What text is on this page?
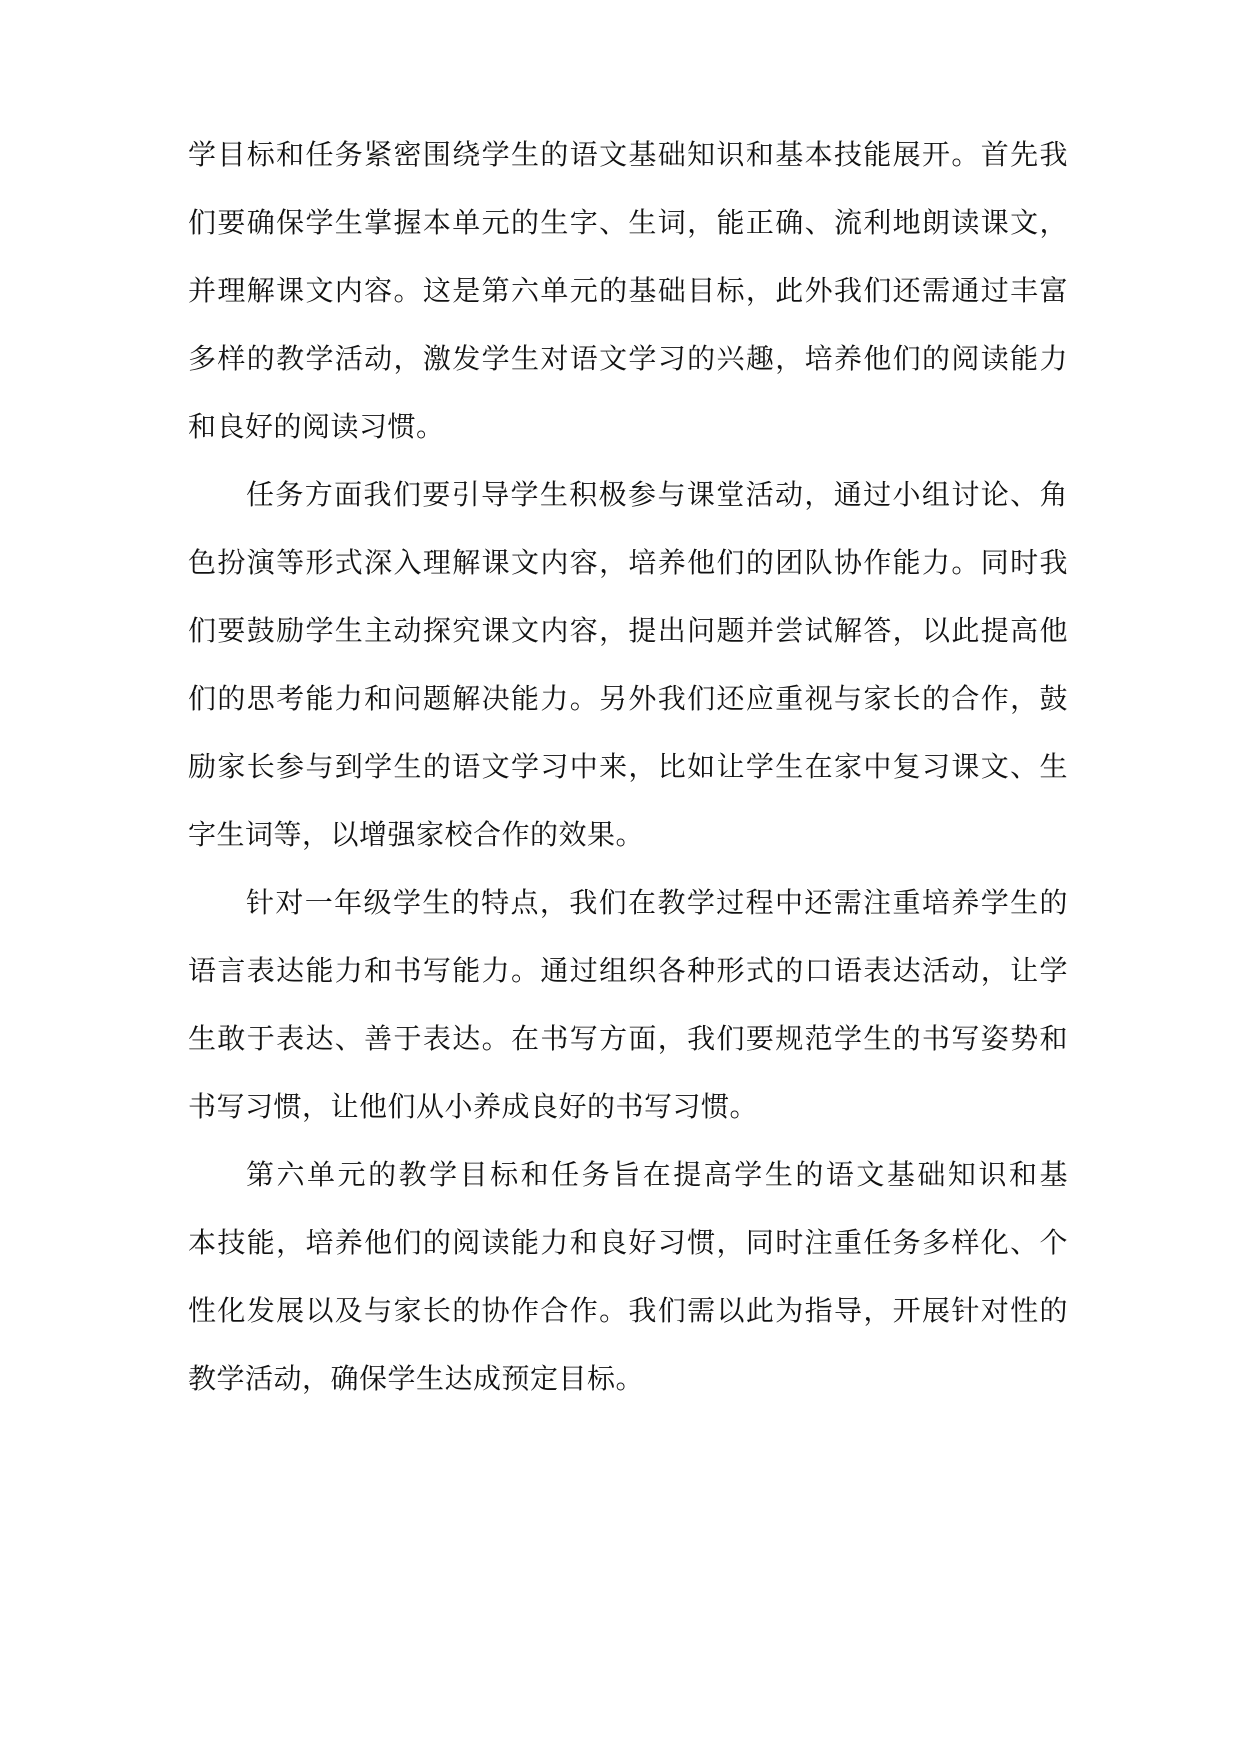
学目标和任务紧密围绕学生的语文基础知识和基本技能展开。首先我
们要确保学生掌握本单元的生字、生词，能正确、流利地朗读课文，
并理解课文内容。这是第六单元的基础目标，此外我们还需通过丰富
多样的教学活动，激发学生对语文学习的兴趣，培养他们的阅读能力
和良好的阅读习惯。
任务方面我们要引导学生积极参与课堂活动，通过小组讨论、角
色扮演等形式深入理解课文内容，培养他们的团队协作能力。同时我
们要鼓励学生主动探究课文内容，提出问题并尝试解答，以此提高他
们的思考能力和问题解决能力。另外我们还应重视与家长的合作，鼓
励家长参与到学生的语文学习中来，比如让学生在家中复习课文、生
字生词等，以增强家校合作的效果。
针对一年级学生的特点，我们在教学过程中还需注重培养学生的
语言表达能力和书写能力。通过组织各种形式的口语表达活动，让学
生敢于表达、善于表达。在书写方面，我们要规范学生的书写姿势和
书写习惯，让他们从小养成良好的书写习惯。
第六单元的教学目标和任务旨在提高学生的语文基础知识和基
本技能，培养他们的阅读能力和良好习惯，同时注重任务多样化、个
性化发展以及与家长的协作合作。我们需以此为指导，开展针对性的
教学活动，确保学生达成预定目标。
